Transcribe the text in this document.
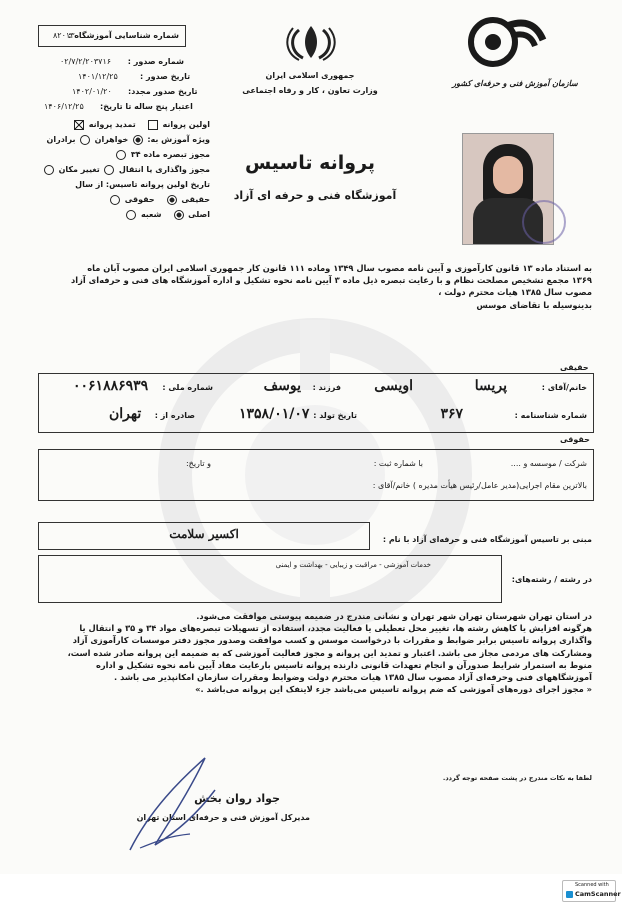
شماره شناسایی آموزشگاه :
۸۲۰۱۳
شماره صدور :
۰۲/۷/۲/۲۰۳۷۱۶
تاریخ صدور :
۱۴۰۱/۱۲/۲۵
تاریخ صدور مجدد:
۱۴۰۲/۰۱/۲۰
اعتبار پنج ساله تا تاریخ:
۱۴۰۶/۱۲/۲۵
اولین پروانه     تمدید پروانه
ویژه آموزش به:  خواهران  برادران
مجوز تبصره ماده ۳۴
مجوز واگذاری یا انتقال  تغییر مکان
تاریخ اولین پروانه تاسیس: از سال
حقیقی     حقوقی
اصلی     شعبه
جمهوری اسلامی ایران
وزارت تعاون ، کار و رفاه اجتماعی
سازمان آموزش فنی و حرفه‌ای کشور
پروانه تاسیس
آموزشگاه فنی و حرفه ای آزاد
به استناد ماده ۱۳ قانون کارآموزی و آیین نامه مصوب سال ۱۳۴۹ وماده ۱۱۱ قانون کار جمهوری اسلامی ایران مصوب آبان ماه
۱۳۶۹ مجمع تشخیص مصلحت نظام و با رعایت تبصره ذیل ماده ۳ آیین نامه نحوه تشکیل و اداره آموزشگاه های فنی و حرفه‌ای آزاد
مصوب سال ۱۳۸۵ هیات محترم دولت ،
بدینوسیله با تقاضای موسس
حقیقی
خانم/آقای :
پریسا
اویسی
فرزند :
یوسف
شماره ملی :
۰۰۶۱۸۸۶۹۳۹
شماره شناسنامه :
۳۶۷
تاریخ تولد :
۱۳۵۸/۰۱/۰۷
صادره از :
تهران
حقوقی
شرکت / موسسه و ....
با شماره ثبت :
و تاریخ:
بالاترین مقام اجرایی(مدیر عامل/رئیس هیأت مدیره ) خانم/آقای :
مبنی بر تاسیس آموزشگاه فنی و حرفه‌ای آزاد با نام :
اکسیر سلامت
در رشته / رشته‌های:
خدمات آموزشی - مراقبت و زیبایی - بهداشت و ایمنی
در استان تهران شهرستان تهران شهر تهران و نشانی مندرج در ضمیمه پیوستی موافقت می‌شود.
هرگونه افزایش یا کاهش رشته ها، تغییر محل تعطیلی یا فعالیت مجدد، استفاده از تسهیلات تبصره‌های مواد ۳۴ و ۳۵ و انتقال یا
واگذاری پروانه تاسیس برابر ضوابط و مقررات با درخواست موسس و کسب موافقت وصدور مجوز دفتر موسسات کارآموزی آزاد
ومشارکت های مردمی مجاز می باشد. اعتبار و تمدید این پروانه و مجوز فعالیت آموزشی که به ضمیمه این پروانه صادر شده است،
منوط به استمرار شرایط صدورآن و انجام تعهدات قانونی دارنده پروانه تاسیس بارعایت مفاد آیین نامه نحوه تشکیل و اداره
آموزشگاههای فنی وحرفه‌ای آزاد مصوب سال ۱۳۸۵ هیات محترم دولت وضوابط ومقررات سازمان امکانپذیر می باشد .
« مجوز اجرای دوره‌های آموزشی که ضم پروانه تاسیس می‌باشد جزء لاینفک این پروانه می‌باشد .»
لطفا به نکات مندرج در پشت صفحه توجه گردد.
جواد روان بخش
مدیرکل آموزش فنی و حرفه‌ای استان تهران
Scanned with
CamScanner
